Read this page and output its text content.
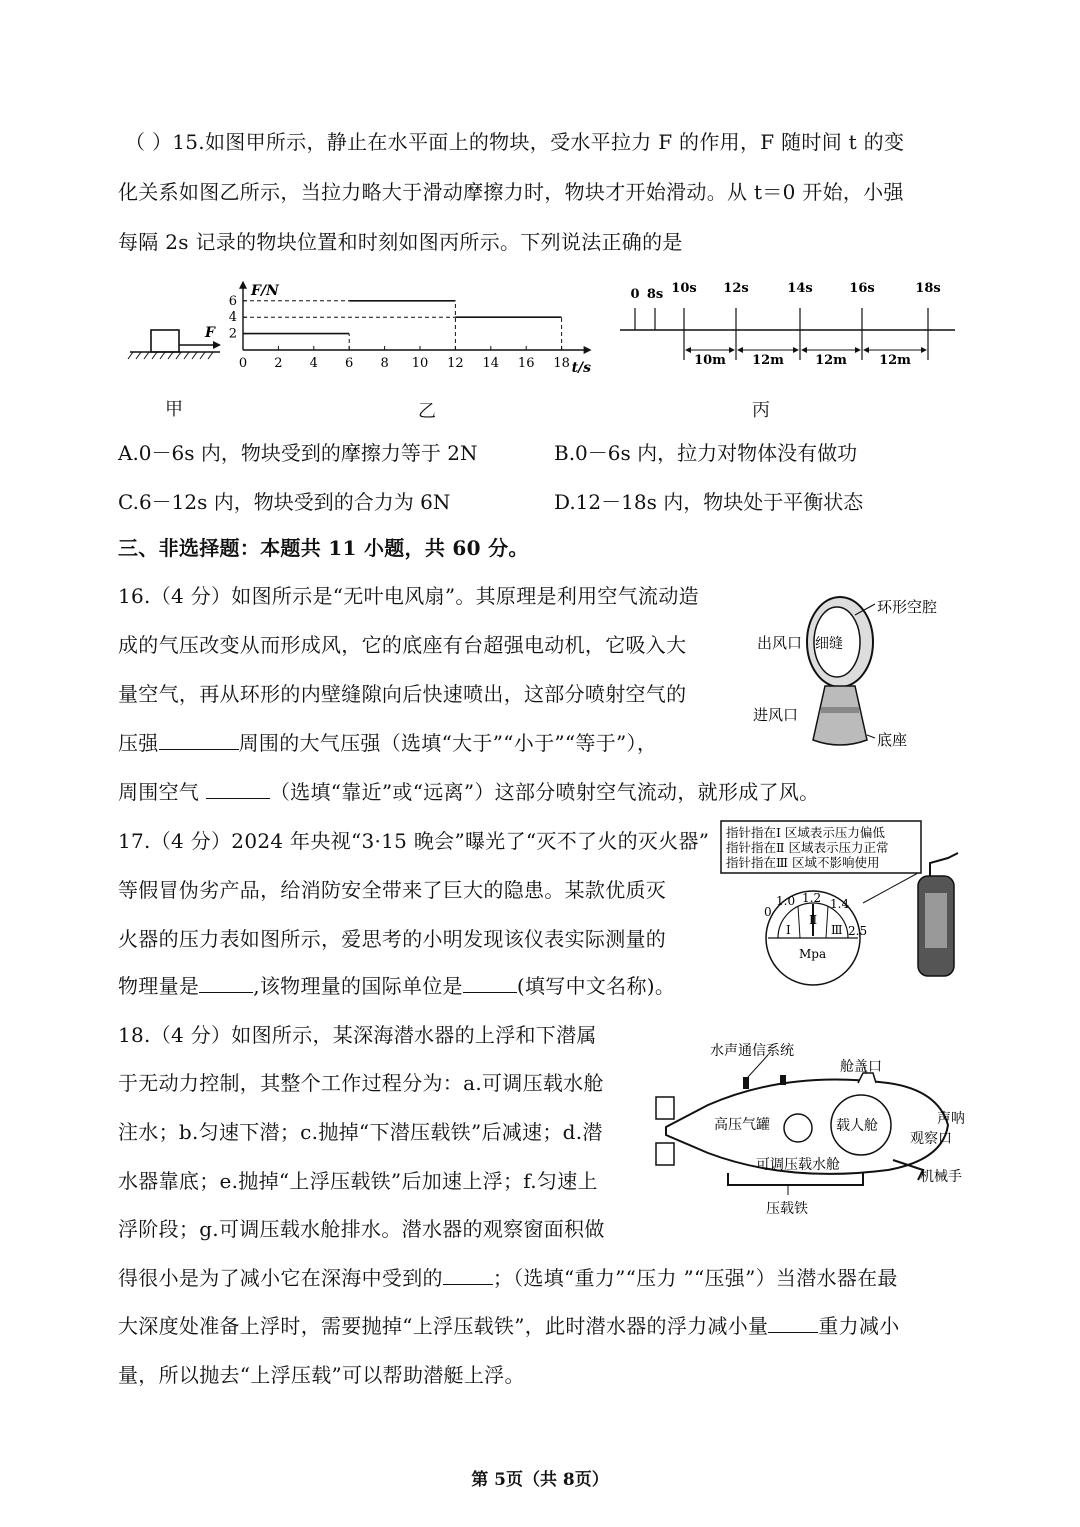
（ ）15.如图甲所示，静止在水平面上的物块，受水平拉力 F 的作用，F 随时间 t 的变
化关系如图乙所示，当拉力略大于滑动摩擦力时，物块才开始滑动。从 t＝0 开始，小强
每隔 2s 记录的物块位置和时刻如图丙所示。下列说法正确的是
F
甲
F/N
t/s
0 2 4 6 8 10 12 14 16 18
2
4
6
乙
0 8s 10s 12s	14s	16s	18s
10m 12m 12m 12m
丙
A.0－6s 内，物块受到的摩擦力等于 2N	B.0－6s 内，拉力对物体没有做功
C.6－12s 内，物块受到的合力为 6N	D.12－18s 内，物块处于平衡状态
三、非选择题：本题共 11 小题，共 60 分。
16.（4 分）如图所示是“无叶电风扇”。其原理是利用空气流动造
成的气压改变从而形成风，它的底座有台超强电动机，它吸入大
量空气，再从环形的内壁缝隙向后快速喷出，这部分喷射空气的
压强	周围的大气压强（选填“大于”“小于”“等于”），
周围空气	（选填“靠近”或“远离”）这部分喷射空气流动，就形成了风。
环形空腔
细缝
出风口
进风口
底座
17.（4 分）2024 年央视“3·15 晚会”曝光了“灭不了火的灭火器”
等假冒伪劣产品，给消防安全带来了巨大的隐患。某款优质灭
火器的压力表如图所示，爱思考的小明发现该仪表实际测量的
物理量是	,该物理量的国际单位是	(填写中文名称)。
指针指在Ⅰ 区域表示压力偏低
指针指在Ⅱ 区域表示压力正常
指针指在Ⅲ 区域不影响使用
0
1.0 1.2 1.4
2.5
Ⅰ
Ⅱ
Ⅲ
Mpa
18.（4 分）如图所示，某深海潜水器的上浮和下潜属
于无动力控制，其整个工作过程分为：a.可调压载水舱
注水；b.匀速下潜；c.抛掉“下潜压载铁”后减速；d.潜
水器靠底；e.抛掉“上浮压载铁”后加速上浮；f.匀速上
浮阶段；g.可调压载水舱排水。潜水器的观察窗面积做
得很小是为了减小它在深海中受到的	；（选填“重力”“压力 ”“压强”）当潜水器在最
大深度处准备上浮时，需要抛掉“上浮压载铁”，此时潜水器的浮力减小量	重力减小
量，所以抛去“上浮压载”可以帮助潜艇上浮。
水声通信系统
舱盖口
高压气罐	载人舱	声呐
观察口
可调压载水舱
机械手
压载铁
第 5页（共 8页）
